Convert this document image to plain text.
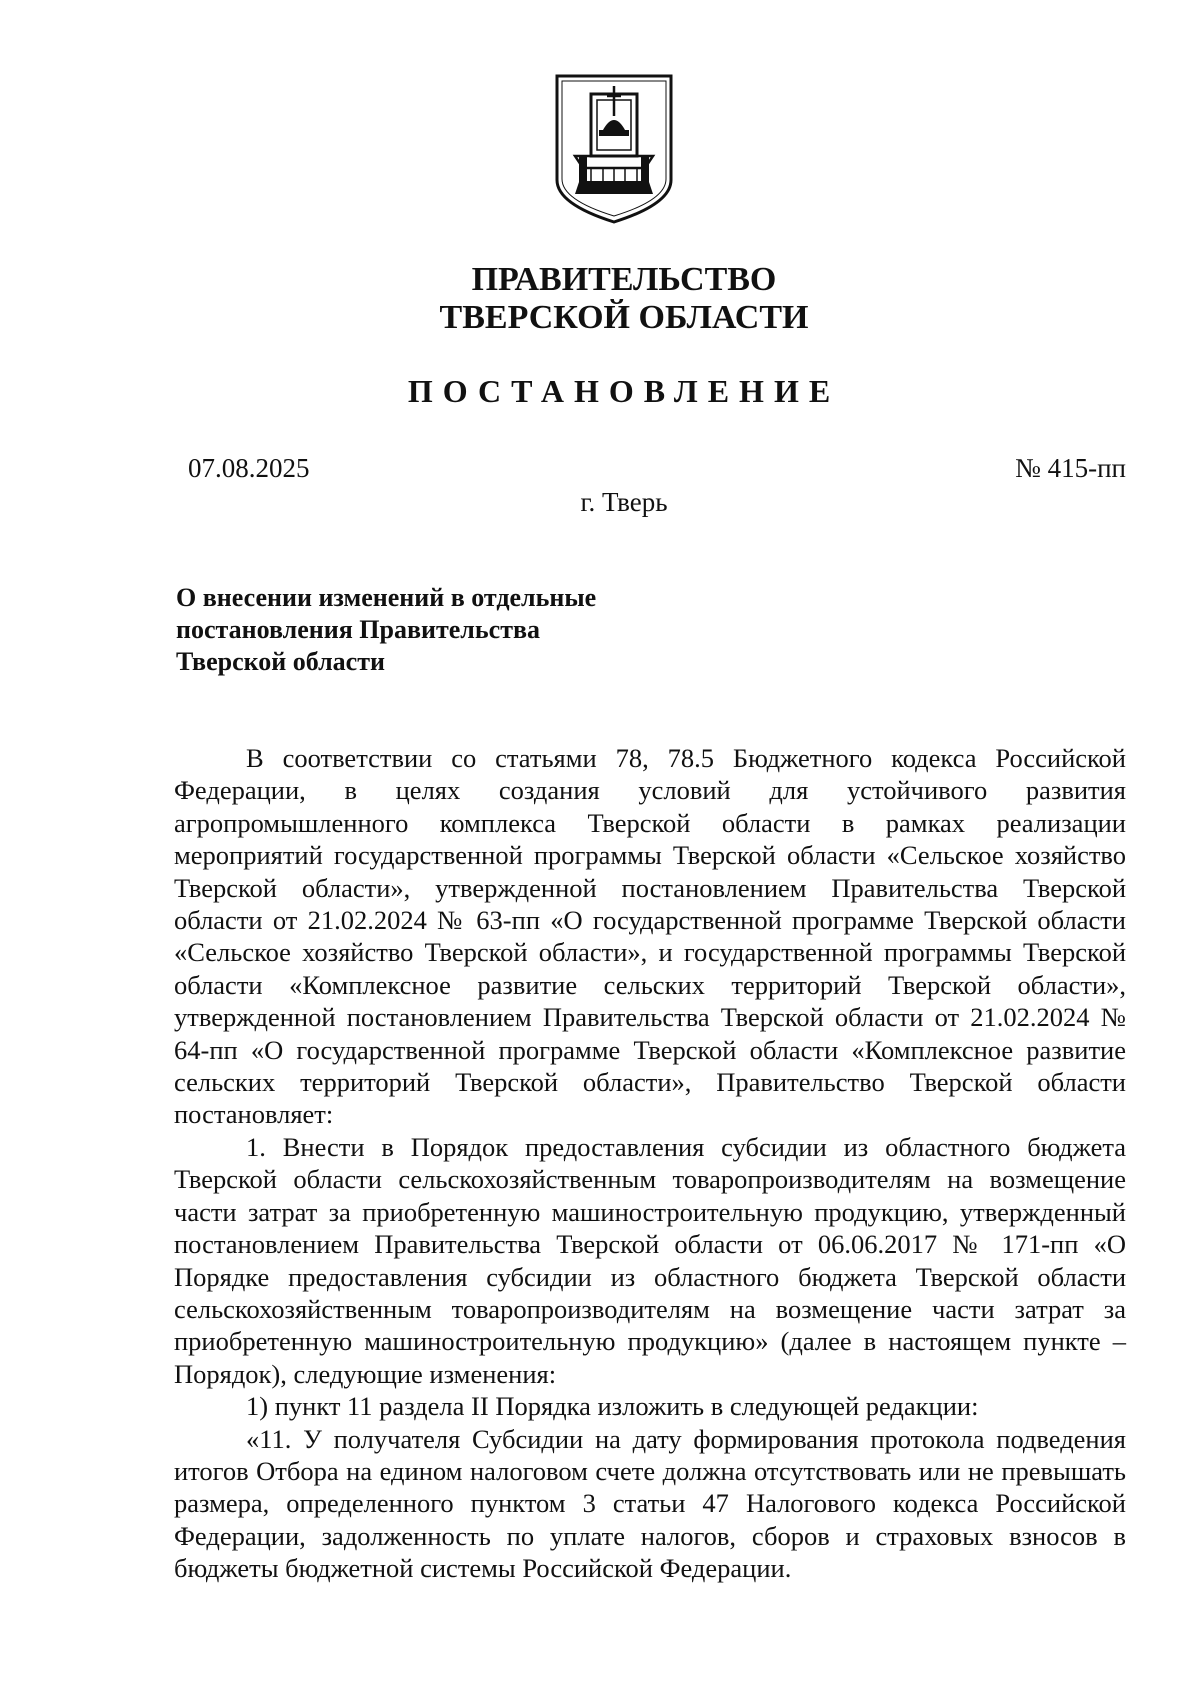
ПРАВИТЕЛЬСТВО
ТВЕРСКОЙ ОБЛАСТИ
ПОСТАНОВЛЕНИЕ
07.08.2025	№ 415-пп
г. Тверь
О внесении изменений в отдельные
постановления Правительства
Тверской области

В соответствии со статьями 78, 78.5 Бюджетного кодекса Российской Федерации, в целях создания условий для устойчивого развития агропромышленного комплекса Тверской области в рамках реализации мероприятий государственной программы Тверской области «Сельское хозяйство Тверской области», утвержденной постановлением Правительства Тверской области от 21.02.2024 № 63-пп «О государственной программе Тверской области «Сельское хозяйство Тверской области», и государственной программы Тверской области «Комплексное развитие сельских территорий Тверской области», утвержденной постановлением Правительства Тверской области от 21.02.2024 № 64-пп «О государственной программе Тверской области «Комплексное развитие сельских территорий Тверской области», Правительство Тверской области постановляет:

1. Внести в Порядок предоставления субсидии из областного бюджета Тверской области сельскохозяйственным товаропроизводителям на возмещение части затрат за приобретенную машиностроительную продукцию, утвержденный постановлением Правительства Тверской области от 06.06.2017 № 171-пп «О Порядке предоставления субсидии из областного бюджета Тверской области сельскохозяйственным товаропроизводителям на возмещение части затрат за приобретенную машиностроительную продукцию» (далее в настоящем пункте – Порядок), следующие изменения:

1) пункт 11 раздела II Порядка изложить в следующей редакции:

«11. У получателя Субсидии на дату формирования протокола подведения итогов Отбора на едином налоговом счете должна отсутствовать или не превышать размера, определенного пунктом 3 статьи 47 Налогового кодекса Российской Федерации, задолженность по уплате налогов, сборов и страховых взносов в бюджеты бюджетной системы Российской Федерации.
